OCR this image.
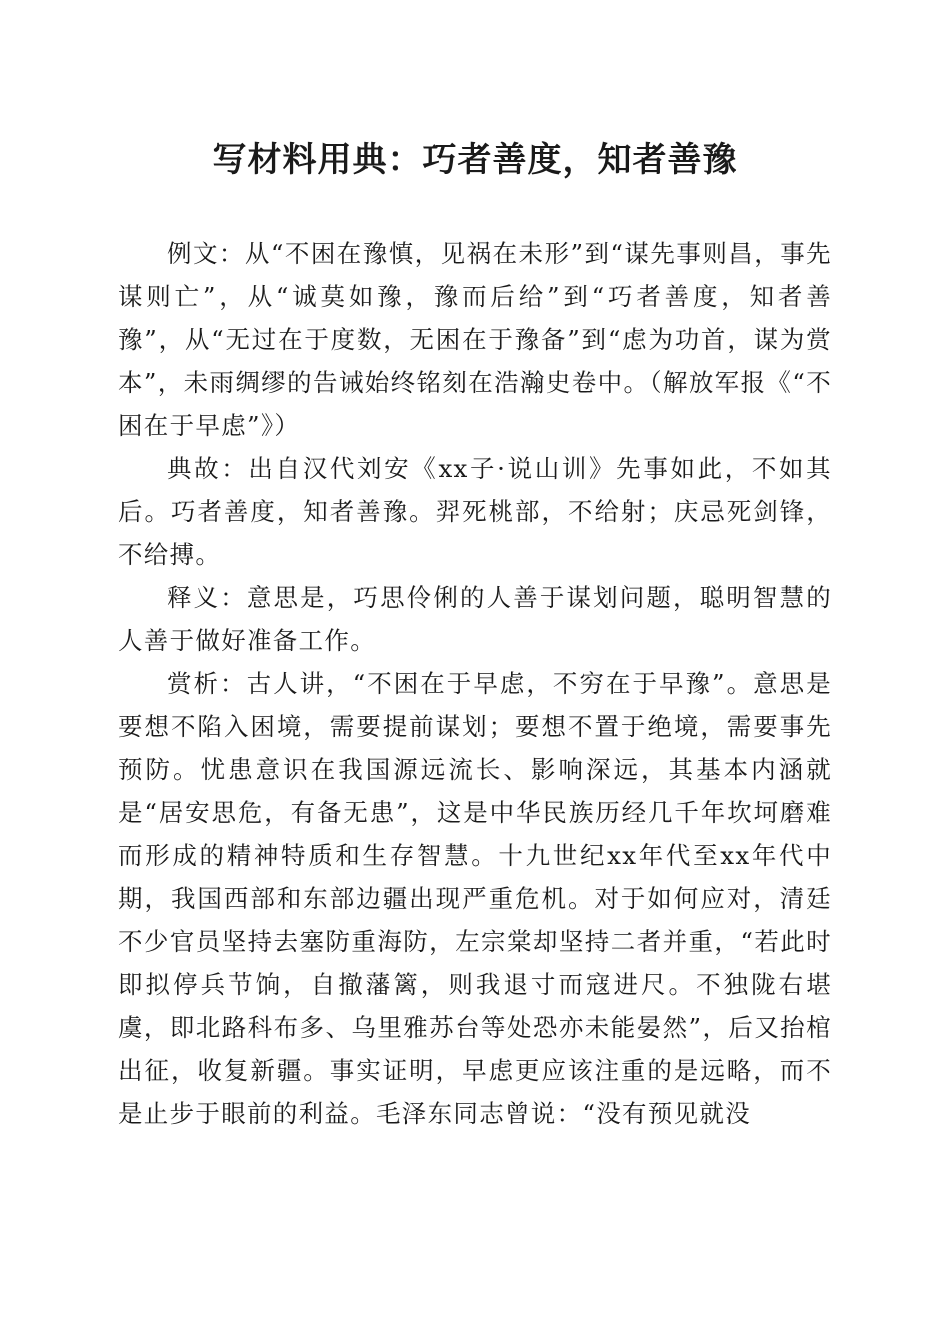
写材料用典：巧者善度，知者善豫

例文：从“不困在豫慎，见祸在未形”到“谋先事则昌，事先谋则亡”，从“诚莫如豫，豫而后给”到“巧者善度，知者善豫”，从“无过在于度数，无困在于豫备”到“虑为功首，谋为赏本”，未雨绸缪的告诫始终铭刻在浩瀚史卷中。（解放军报《“不困在于早虑”》）

典故：出自汉代刘安《xx子·说山训》先事如此，不如其后。巧者善度，知者善豫。羿死桃部，不给射；庆忌死剑锋，不给搏。

释义：意思是，巧思伶俐的人善于谋划问题，聪明智慧的人善于做好准备工作。

赏析：古人讲，“不困在于早虑，不穷在于早豫”。意思是要想不陷入困境，需要提前谋划；要想不置于绝境，需要事先预防。忧患意识在我国源远流长、影响深远，其基本内涵就是“居安思危，有备无患”，这是中华民族历经几千年坎坷磨难而形成的精神特质和生存智慧。十九世纪xx年代至xx年代中期，我国西部和东部边疆出现严重危机。对于如何应对，清廷不少官员坚持去塞防重海防，左宗棠却坚持二者并重，“若此时即拟停兵节饷，自撤藩篱，则我退寸而寇进尺。不独陇右堪虞，即北路科布多、乌里雅苏台等处恐亦未能晏然”，后又抬棺出征，收复新疆。事实证明，早虑更应该注重的是远略，而不是止步于眼前的利益。毛泽东同志曾说：“没有预见就没
